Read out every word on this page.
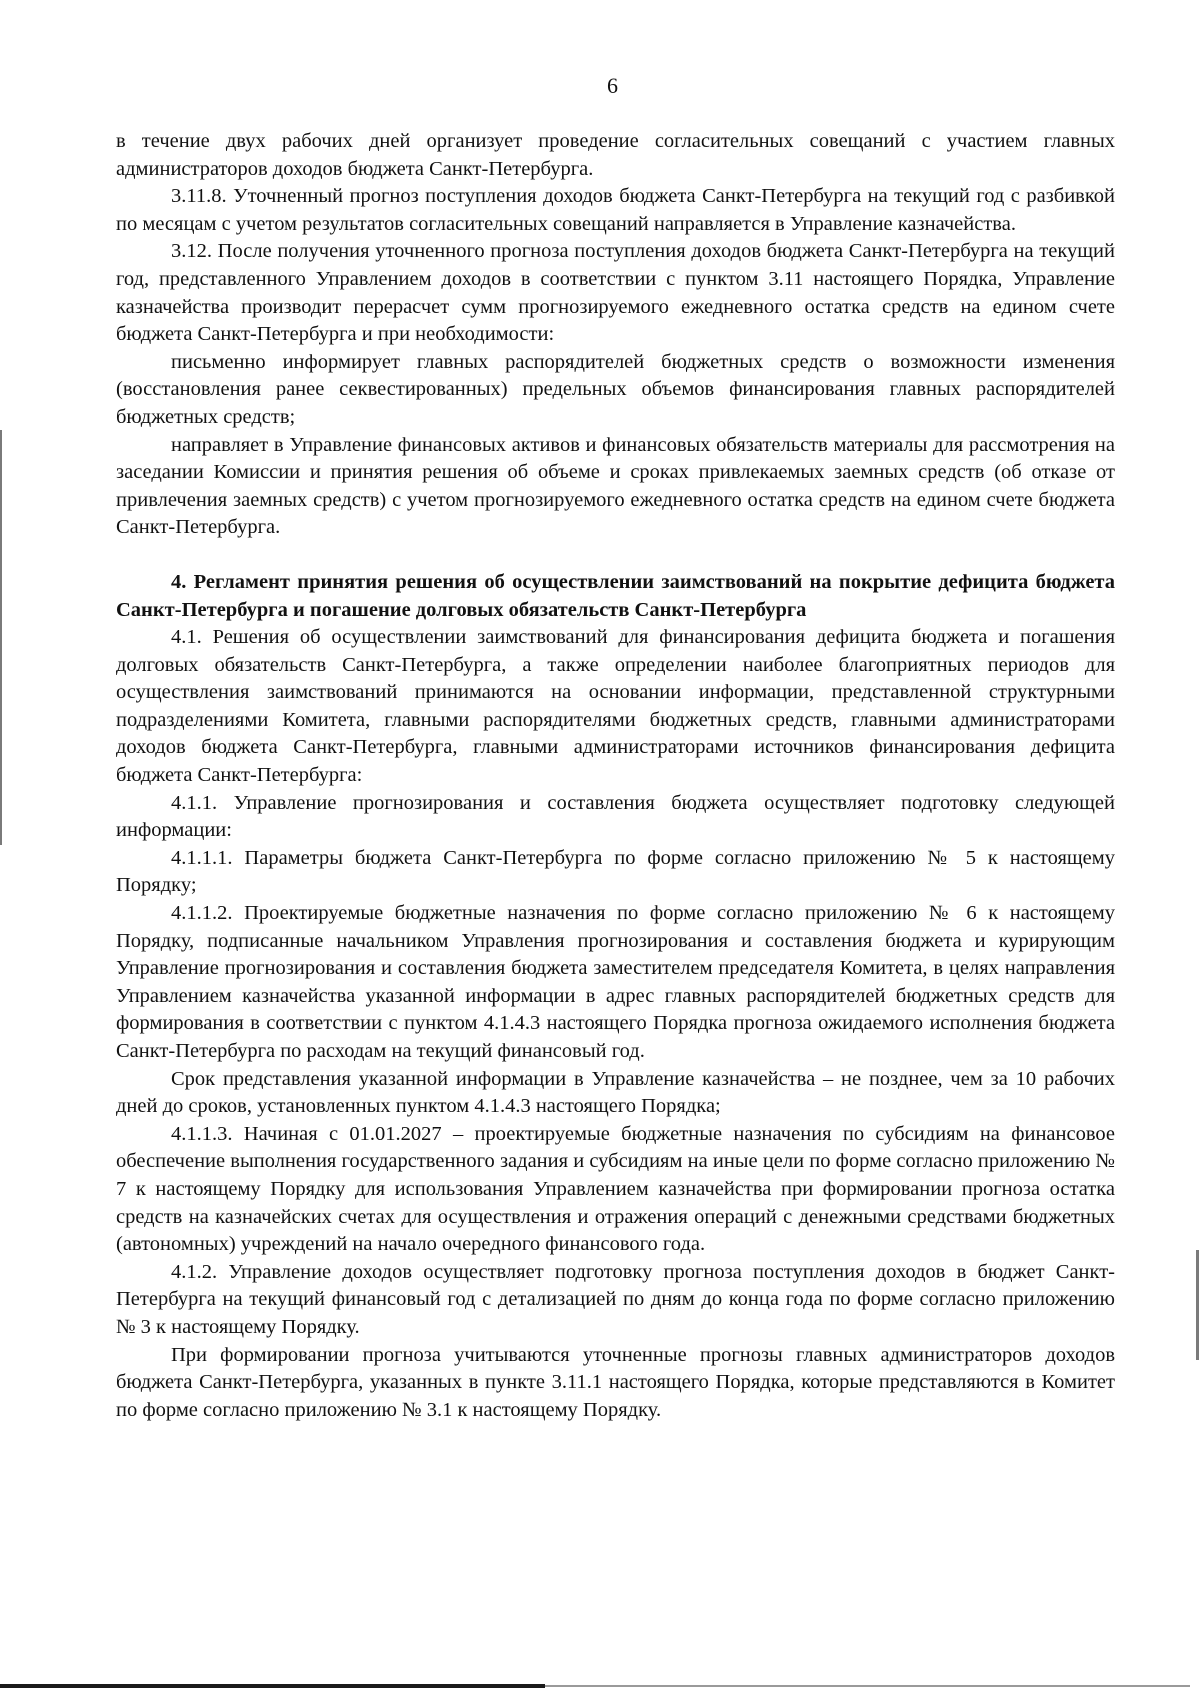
6

в течение двух рабочих дней организует проведение согласительных совещаний с участием главных администраторов доходов бюджета Санкт-Петербурга.

3.11.8. Уточненный прогноз поступления доходов бюджета Санкт-Петербурга на текущий год с разбивкой по месяцам с учетом результатов согласительных совещаний направляется в Управление казначейства.

3.12. После получения уточненного прогноза поступления доходов бюджета Санкт-Петербурга на текущий год, представленного Управлением доходов в соответствии с пунктом 3.11 настоящего Порядка, Управление казначейства производит перерасчет сумм прогнозируемого ежедневного остатка средств на едином счете бюджета Санкт-Петербурга и при необходимости:

письменно информирует главных распорядителей бюджетных средств о возможности изменения (восстановления ранее секвестированных) предельных объемов финансирования главных распорядителей бюджетных средств;

направляет в Управление финансовых активов и финансовых обязательств материалы для рассмотрения на заседании Комиссии и принятия решения об объеме и сроках привлекаемых заемных средств (об отказе от привлечения заемных средств) с учетом прогнозируемого ежедневного остатка средств на едином счете бюджета Санкт-Петербурга.

4. Регламент принятия решения об осуществлении заимствований на покрытие дефицита бюджета Санкт-Петербурга и погашение долговых обязательств Санкт-Петербурга

4.1. Решения об осуществлении заимствований для финансирования дефицита бюджета и погашения долговых обязательств Санкт-Петербурга, а также определении наиболее благоприятных периодов для осуществления заимствований принимаются на основании информации, представленной структурными подразделениями Комитета, главными распорядителями бюджетных средств, главными администраторами доходов бюджета Санкт-Петербурга, главными администраторами источников финансирования дефицита бюджета Санкт-Петербурга:

4.1.1. Управление прогнозирования и составления бюджета осуществляет подготовку следующей информации:

4.1.1.1. Параметры бюджета Санкт-Петербурга по форме согласно приложению № 5 к настоящему Порядку;

4.1.1.2. Проектируемые бюджетные назначения по форме согласно приложению № 6 к настоящему Порядку, подписанные начальником Управления прогнозирования и составления бюджета и курирующим Управление прогнозирования и составления бюджета заместителем председателя Комитета, в целях направления Управлением казначейства указанной информации в адрес главных распорядителей бюджетных средств для формирования в соответствии с пунктом 4.1.4.3 настоящего Порядка прогноза ожидаемого исполнения бюджета Санкт-Петербурга по расходам на текущий финансовый год.

Срок представления указанной информации в Управление казначейства – не позднее, чем за 10 рабочих дней до сроков, установленных пунктом 4.1.4.3 настоящего Порядка;

4.1.1.3. Начиная с 01.01.2027 – проектируемые бюджетные назначения по субсидиям на финансовое обеспечение выполнения государственного задания и субсидиям на иные цели по форме согласно приложению № 7 к настоящему Порядку для использования Управлением казначейства при формировании прогноза остатка средств на казначейских счетах для осуществления и отражения операций с денежными средствами бюджетных (автономных) учреждений на начало очередного финансового года.

4.1.2. Управление доходов осуществляет подготовку прогноза поступления доходов в бюджет Санкт-Петербурга на текущий финансовый год с детализацией по дням до конца года по форме согласно приложению № 3 к настоящему Порядку.

При формировании прогноза учитываются уточненные прогнозы главных администраторов доходов бюджета Санкт-Петербурга, указанных в пункте 3.11.1 настоящего Порядка, которые представляются в Комитет по форме согласно приложению № 3.1 к настоящему Порядку.
